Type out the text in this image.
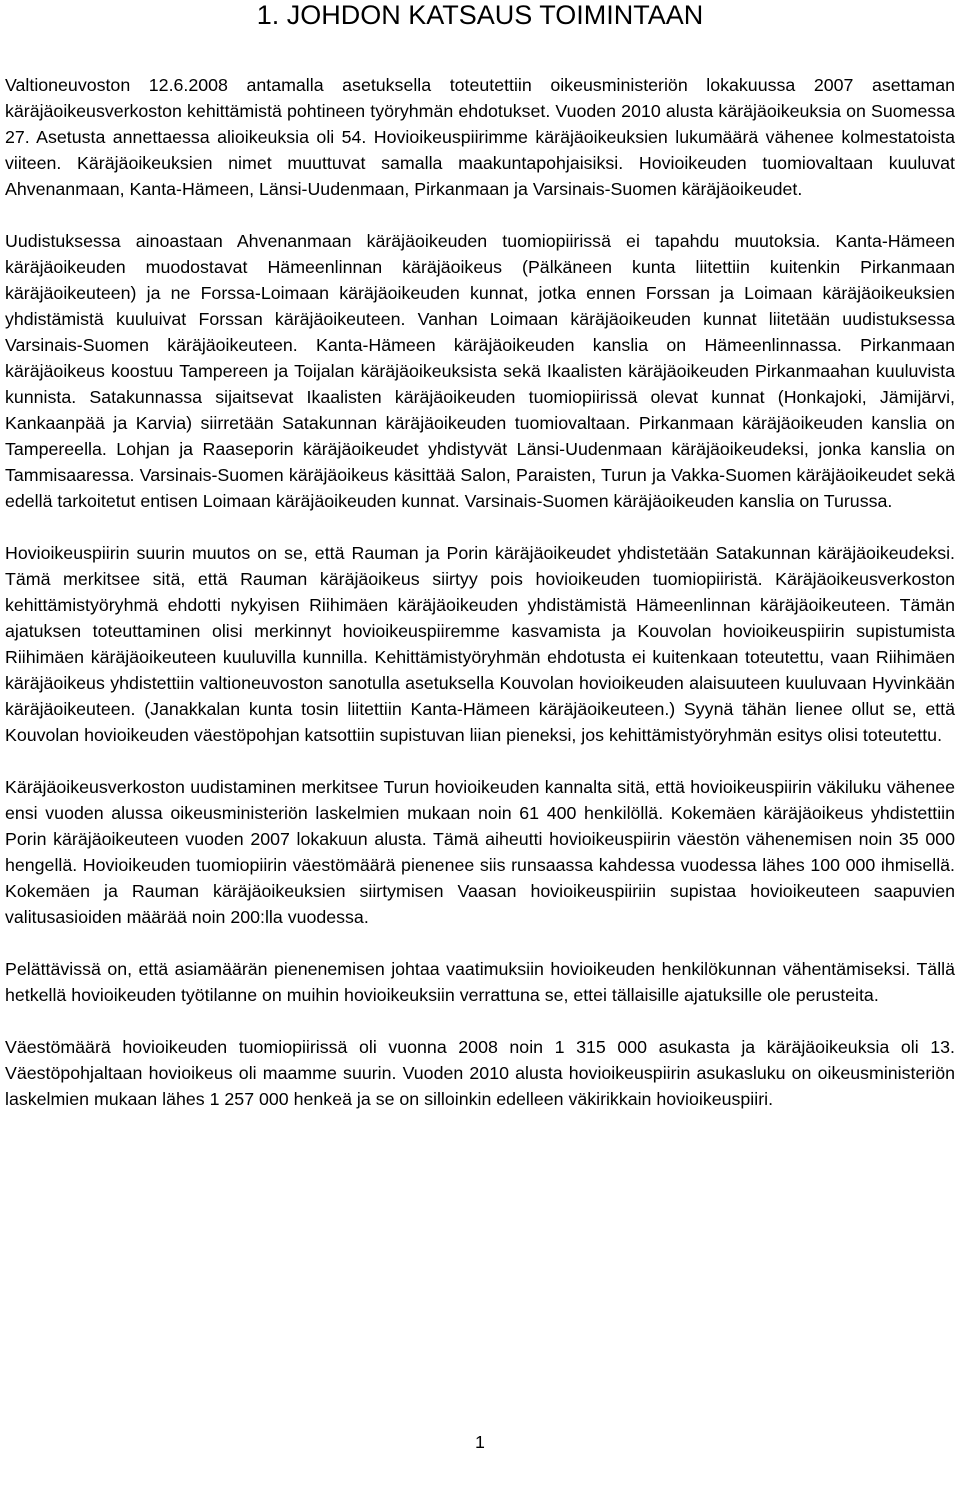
1. JOHDON KATSAUS TOIMINTAAN

Valtioneuvoston 12.6.2008 antamalla asetuksella toteutettiin oikeusministeriön lokakuussa 2007 asettaman käräjäoikeusverkoston kehittämistä pohtineen työryhmän ehdotukset. Vuoden 2010 alusta käräjäoikeuksia on Suomessa 27. Asetusta annettaessa alioikeuksia oli 54. Hovioikeuspiirimme käräjäoikeuksien lukumäärä vähenee kolmestatoista viiteen. Käräjäoikeuksien nimet muuttuvat samalla maakuntapohjaisiksi. Hovioikeuden tuomiovaltaan kuuluvat Ahvenanmaan, Kanta-Hämeen, Länsi-Uudenmaan, Pirkanmaan ja Varsinais-Suomen käräjäoikeudet.

Uudistuksessa ainoastaan Ahvenanmaan käräjäoikeuden tuomiopiirissä ei tapahdu muutoksia. Kanta-Hämeen käräjäoikeuden muodostavat Hämeenlinnan käräjäoikeus (Pälkäneen kunta liitettiin kuitenkin Pirkanmaan käräjäoikeuteen) ja ne Forssa-Loimaan käräjäoikeuden kunnat, jotka ennen Forssan ja Loimaan käräjäoikeuksien yhdistämistä kuuluivat Forssan käräjäoikeuteen. Vanhan Loimaan käräjäoikeuden kunnat liitetään uudistuksessa Varsinais-Suomen käräjäoikeuteen. Kanta-Hämeen käräjäoikeuden kanslia on Hämeenlinnassa. Pirkanmaan käräjäoikeus koostuu Tampereen ja Toijalan käräjäoikeuksista sekä Ikaalisten käräjäoikeuden Pirkanmaahan kuuluvista kunnista. Satakunnassa sijaitsevat Ikaalisten käräjäoikeuden tuomiopiirissä olevat kunnat (Honkajoki, Jämijärvi, Kankaanpää ja Karvia) siirretään Satakunnan käräjäoikeuden tuomiovaltaan. Pirkanmaan käräjäoikeuden kanslia on Tampereella. Lohjan ja Raaseporin käräjäoikeudet yhdistyvät Länsi-Uudenmaan käräjäoikeudeksi, jonka kanslia on Tammisaaressa. Varsinais-Suomen käräjäoikeus käsittää Salon, Paraisten, Turun ja Vakka-Suomen käräjäoikeudet sekä edellä tarkoitetut entisen Loimaan käräjäoikeuden kunnat. Varsinais-Suomen käräjäoikeuden kanslia on Turussa.

Hovioikeuspiirin suurin muutos on se, että Rauman ja Porin käräjäoikeudet yhdistetään Satakunnan käräjäoikeudeksi. Tämä merkitsee sitä, että Rauman käräjäoikeus siirtyy pois hovioikeuden tuomiopiiristä. Käräjäoikeusverkoston kehittämistyöryhmä ehdotti nykyisen Riihimäen käräjäoikeuden yhdistämistä Hämeenlinnan käräjäoikeuteen. Tämän ajatuksen toteuttaminen olisi merkinnyt hovioikeuspiiremme kasvamista ja Kouvolan hovioikeuspiirin supistumista Riihimäen käräjäoikeuteen kuuluvilla kunnilla. Kehittämistyöryhmän ehdotusta ei kuitenkaan toteutettu, vaan Riihimäen käräjäoikeus yhdistettiin valtioneuvoston sanotulla asetuksella Kouvolan hovioikeuden alaisuuteen kuuluvaan Hyvinkään käräjäoikeuteen. (Janakkalan kunta tosin liitettiin Kanta-Hämeen käräjäoikeuteen.) Syynä tähän lienee ollut se, että Kouvolan hovioikeuden väestöpohjan katsottiin supistuvan liian pieneksi, jos kehittämistyöryhmän esitys olisi toteutettu.

Käräjäoikeusverkoston uudistaminen merkitsee Turun hovioikeuden kannalta sitä, että hovioikeuspiirin väkiluku vähenee ensi vuoden alussa oikeusministeriön laskelmien mukaan noin 61 400 henkilöllä. Kokemäen käräjäoikeus yhdistettiin Porin käräjäoikeuteen vuoden 2007 lokakuun alusta. Tämä aiheutti hovioikeuspiirin väestön vähenemisen noin 35 000 hengellä. Hovioikeuden tuomiopiirin väestömäärä pienenee siis runsaassa kahdessa vuodessa lähes 100 000 ihmisellä. Kokemäen ja Rauman käräjäoikeuksien siirtymisen Vaasan hovioikeuspiiriin supistaa hovioikeuteen saapuvien valitusasioiden määrää noin 200:lla vuodessa.

Pelättävissä on, että asiamäärän pienenemisen johtaa vaatimuksiin hovioikeuden henkilökunnan vähentämiseksi. Tällä hetkellä hovioikeuden työtilanne on muihin hovioikeuksiin verrattuna se, ettei tällaisille ajatuksille ole perusteita.

Väestömäärä hovioikeuden tuomiopiirissä oli vuonna 2008 noin 1 315 000 asukasta ja käräjäoikeuksia oli 13. Väestöpohjaltaan hovioikeus oli maamme suurin. Vuoden 2010 alusta hovioikeuspiirin asukasluku on oikeusministeriön laskelmien mukaan lähes 1 257 000 henkeä ja se on silloinkin edelleen väkirikkain hovioikeuspiiri.

1
